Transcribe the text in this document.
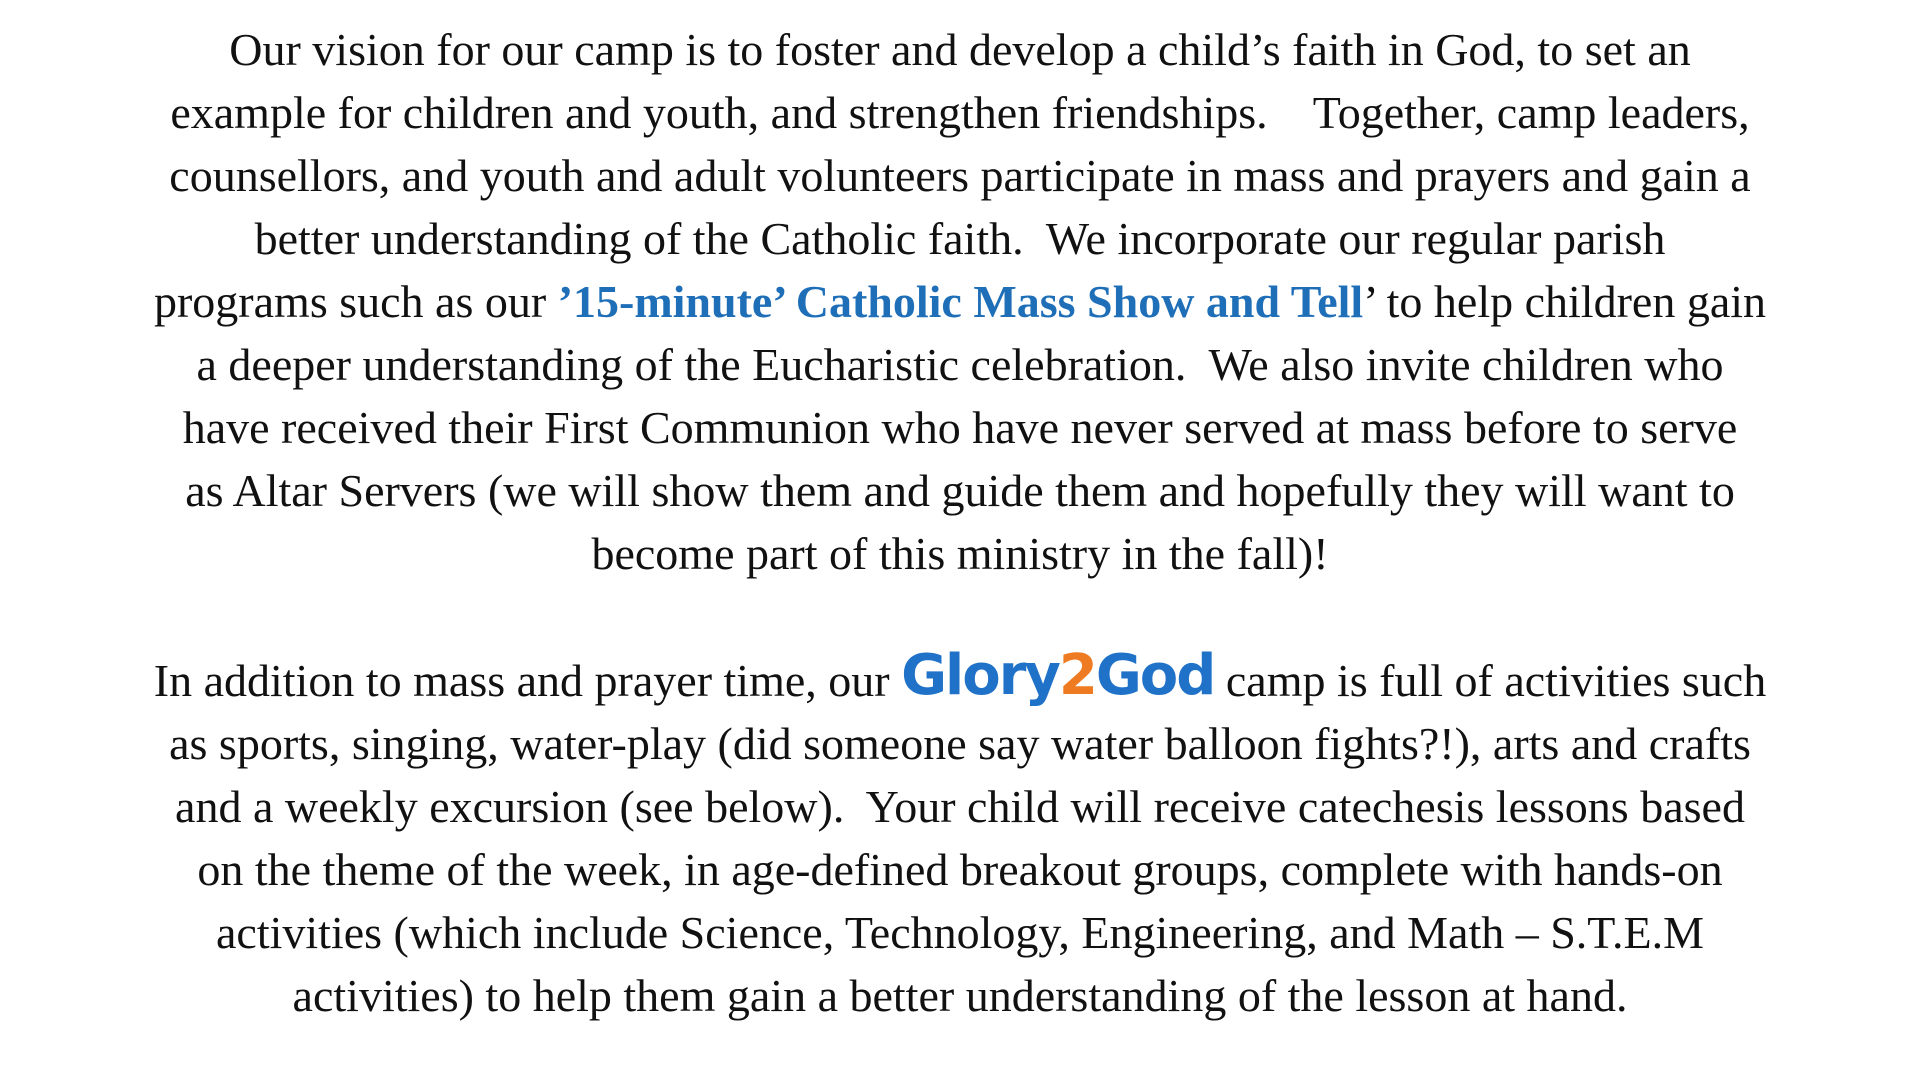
Our vision for our camp is to foster and develop a child’s faith in God, to set an
example for children and youth, and strengthen friendships.    Together, camp leaders,
counsellors, and youth and adult volunteers participate in mass and prayers and gain a
better understanding of the Catholic faith.  We incorporate our regular parish
programs such as our ’15-minute’ Catholic Mass Show and Tell’ to help children gain
a deeper understanding of the Eucharistic celebration.  We also invite children who
have received their First Communion who have never served at mass before to serve
as Altar Servers (we will show them and guide them and hopefully they will want to
become part of this ministry in the fall)!
In addition to mass and prayer time, our Glory2God camp is full of activities such
as sports, singing, water-play (did someone say water balloon fights?!), arts and crafts
and a weekly excursion (see below).  Your child will receive catechesis lessons based
on the theme of the week, in age-defined breakout groups, complete with hands-on
activities (which include Science, Technology, Engineering, and Math – S.T.E.M
activities) to help them gain a better understanding of the lesson at hand.
